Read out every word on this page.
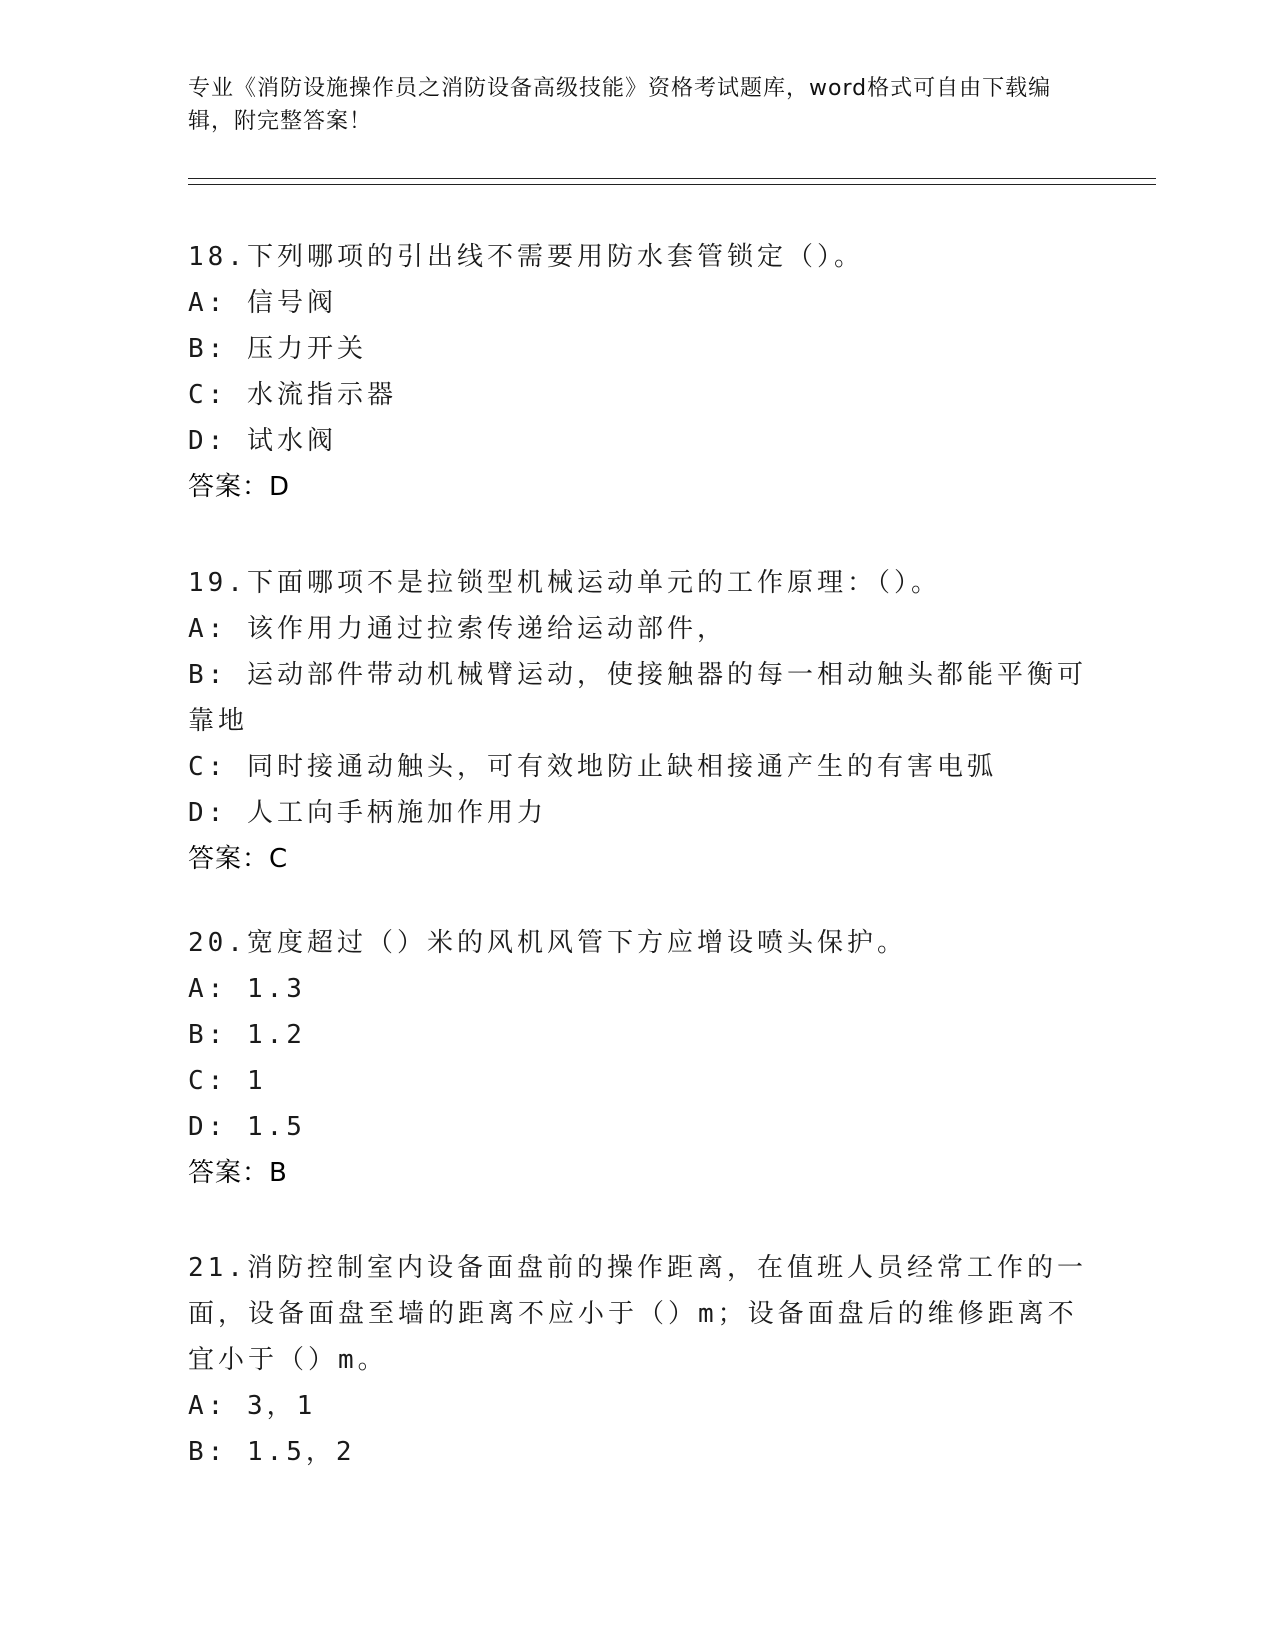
专业《消防设施操作员之消防设备高级技能》资格考试题库，word格式可自由下载编辑，附完整答案！
18.下列哪项的引出线不需要用防水套管锁定（）。
A: 信号阀
B: 压力开关
C: 水流指示器
D: 试水阀
答案：D
19.下面哪项不是拉锁型机械运动单元的工作原理：（）。
A: 该作用力通过拉索传递给运动部件，
B: 运动部件带动机械臂运动，使接触器的每一相动触头都能平衡可靠地
C: 同时接通动触头，可有效地防止缺相接通产生的有害电弧
D: 人工向手柄施加作用力
答案：C
20.宽度超过（）米的风机风管下方应增设喷头保护。
A: 1.3
B: 1.2
C: 1
D: 1.5
答案：B
21.消防控制室内设备面盘前的操作距离，在值班人员经常工作的一面，设备面盘至墙的距离不应小于（）m；设备面盘后的维修距离不宜小于（）m。
A: 3，1
B: 1.5，2
